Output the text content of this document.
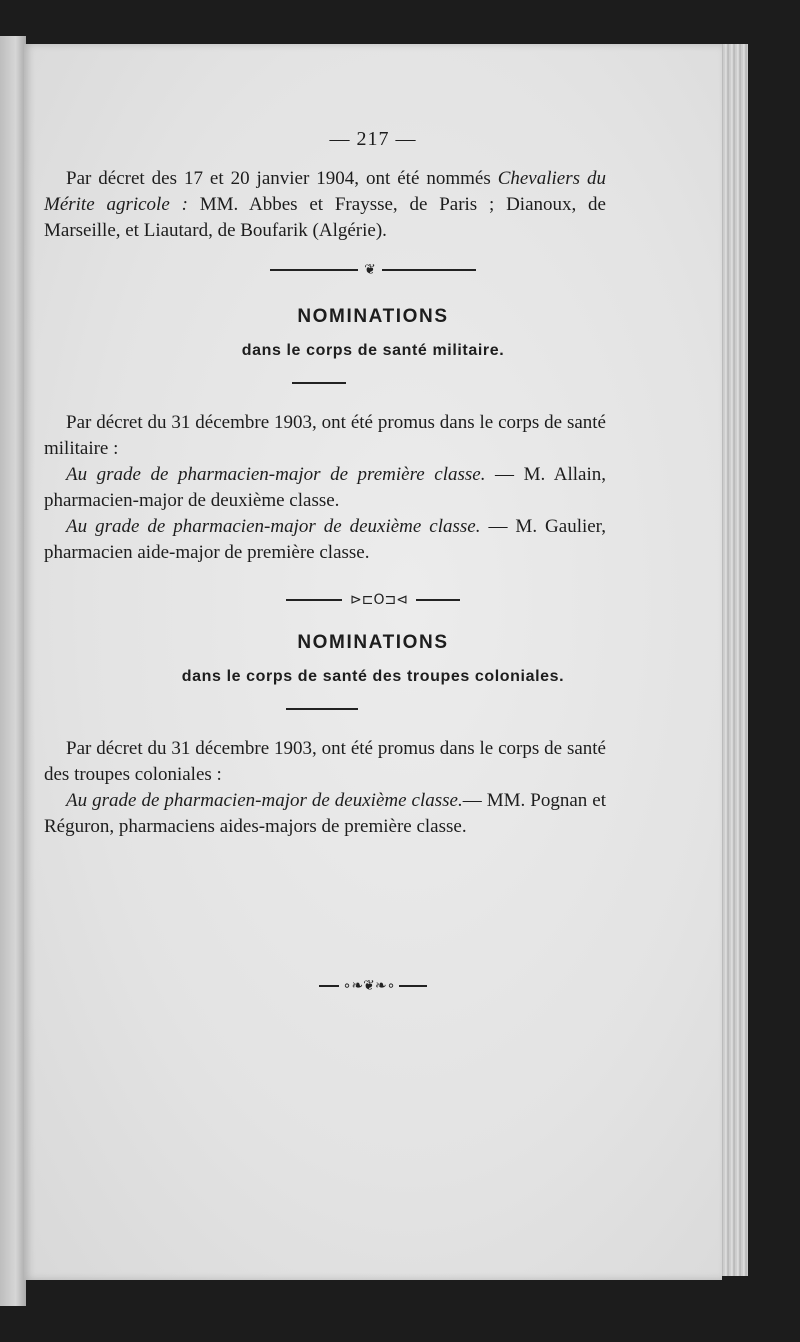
— 217 —

Par décret des 17 et 20 janvier 1904, ont été nommés Chevaliers du Mérite agricole : MM. Abbes et Fraysse, de Paris ; Dianoux, de Marseille, et Liautard, de Boufarik (Algérie).

❦
NOMINATIONS
dans le corps de santé militaire.

Par décret du 31 décembre 1903, ont été promus dans le corps de santé militaire :

Au grade de pharmacien-major de première classe. — M. Allain, pharmacien-major de deuxième classe.

Au grade de pharmacien-major de deuxième classe. — M. Gaulier, pharmacien aide-major de première classe.

⊳⊏O⊐⊲
NOMINATIONS
dans le corps de santé des troupes coloniales.

Par décret du 31 décembre 1903, ont été promus dans le corps de santé des troupes coloniales :

Au grade de pharmacien-major de deuxième classe.— MM. Pognan et Réguron, pharmaciens aides-majors de première classe.

∘❧❦❧∘
